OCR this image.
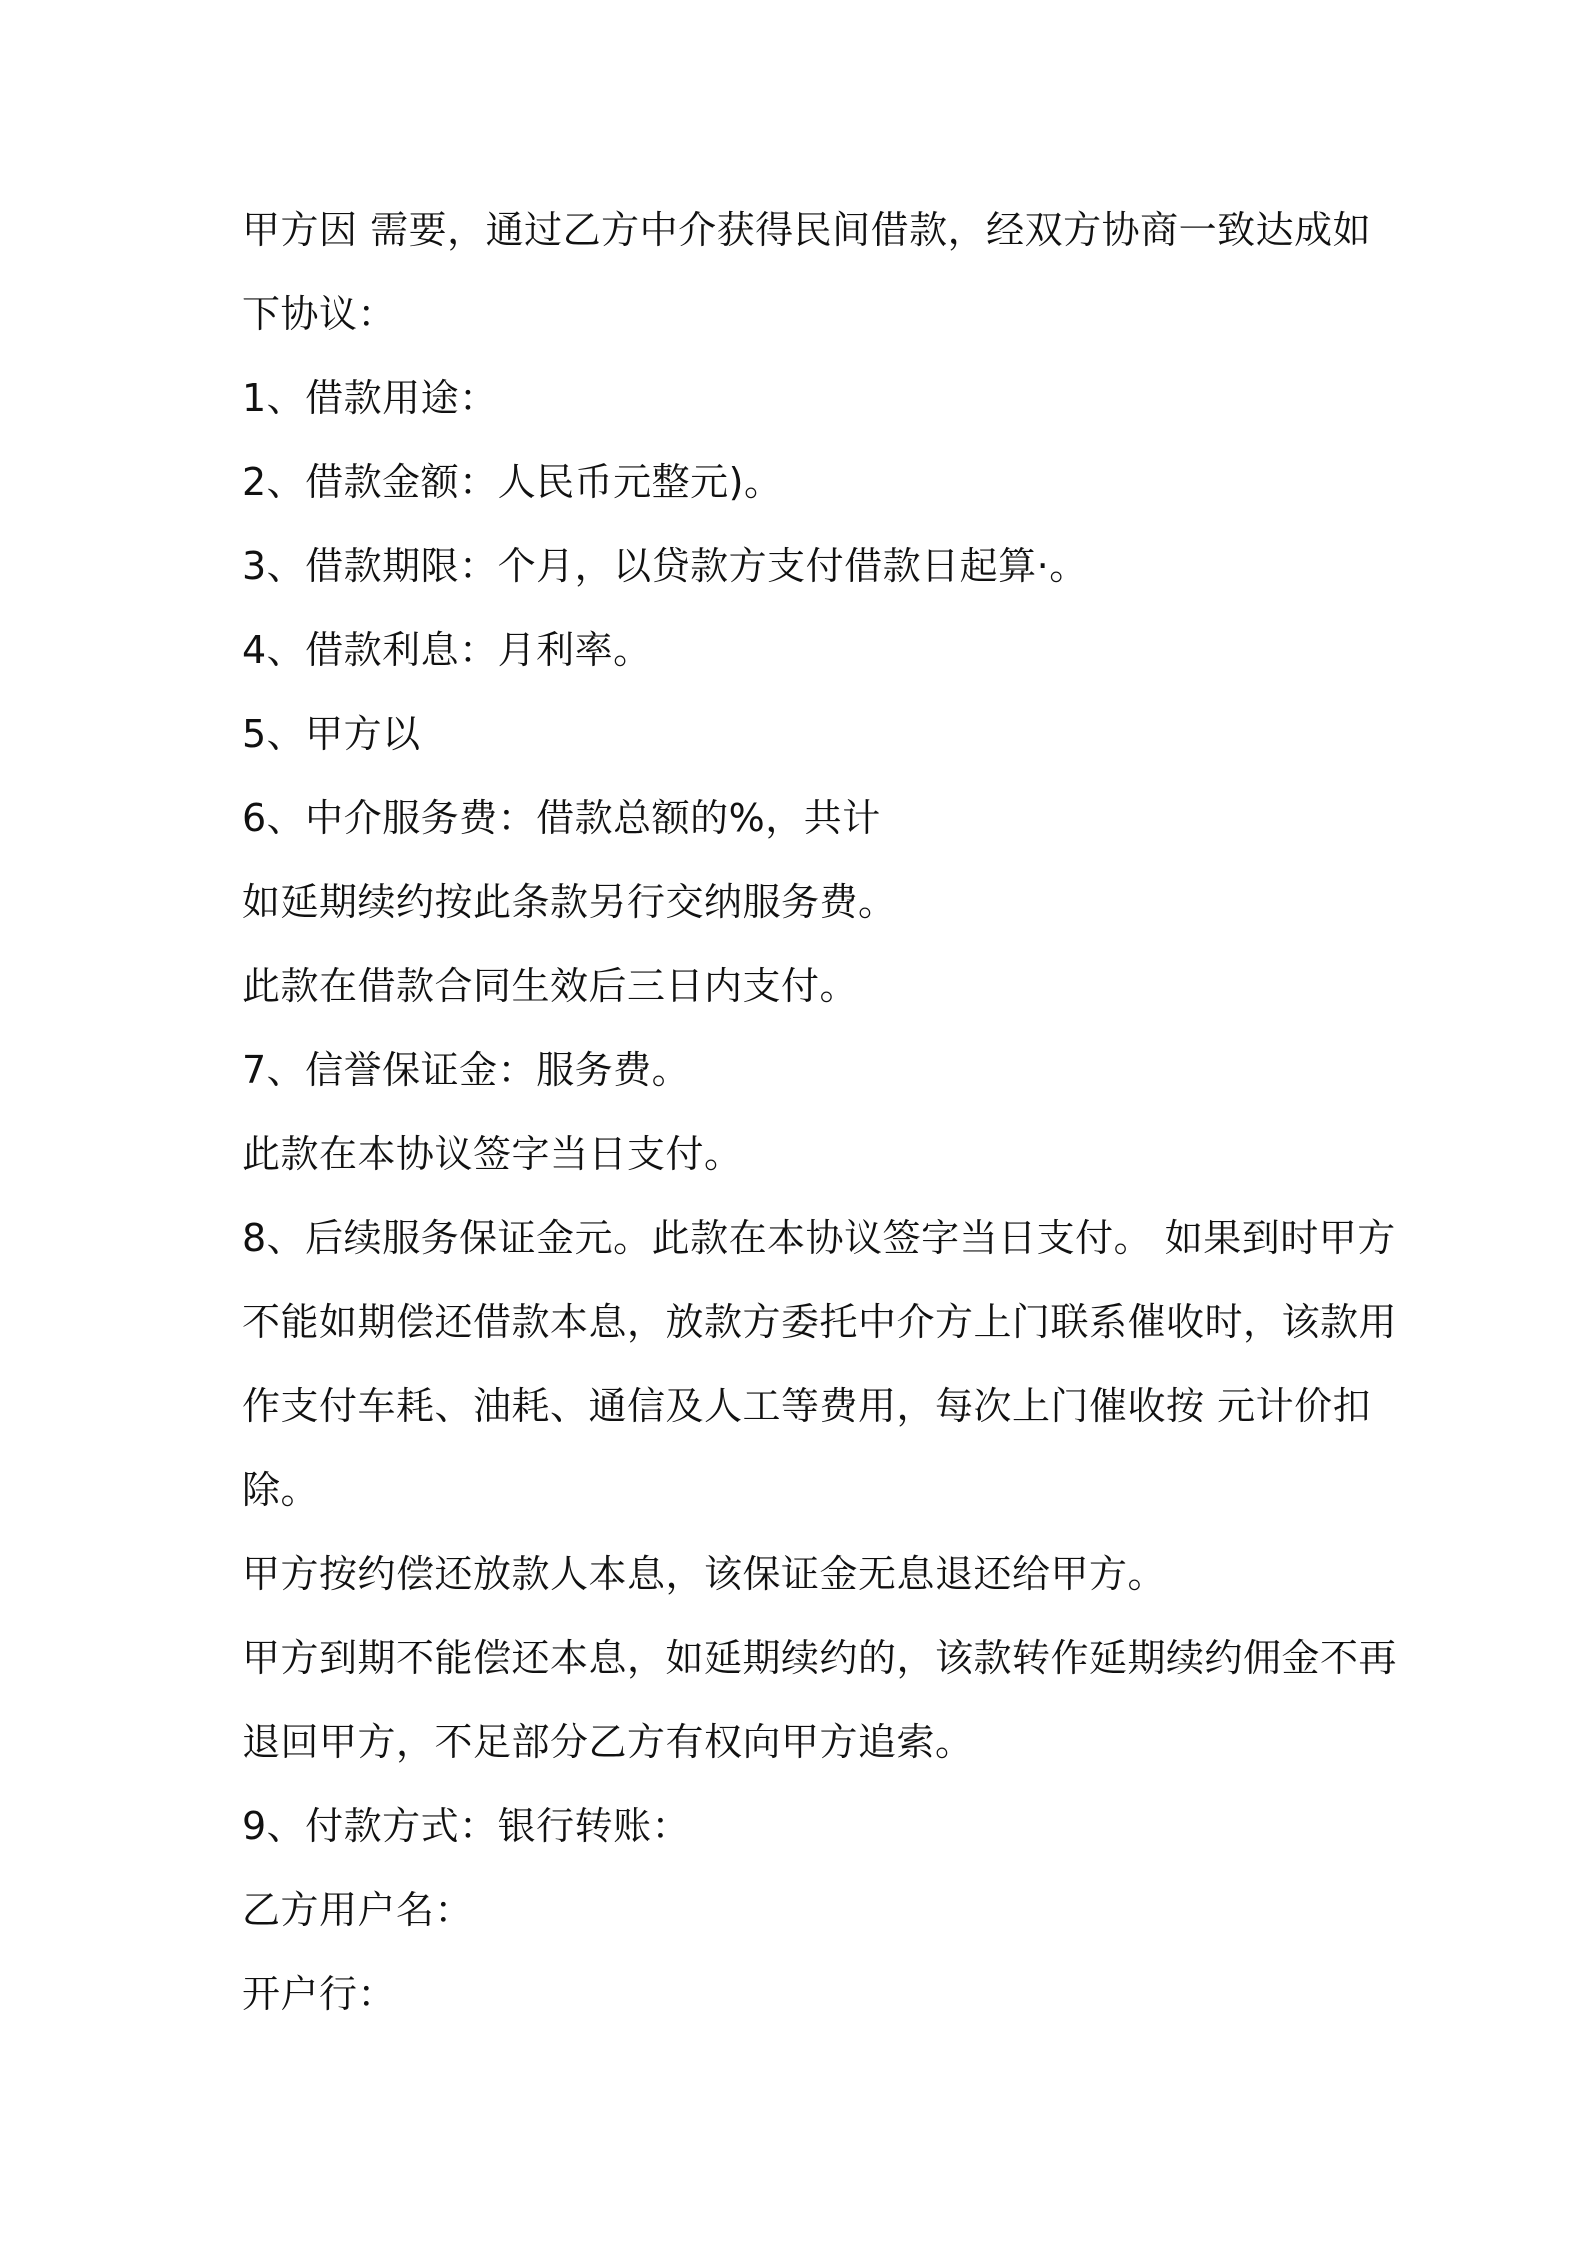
甲方因 需要，通过乙方中介获得民间借款，经双方协商一致达成如
下协议：
1、借款用途：
2、借款金额：人民币元整元)。
3、借款期限：个月，以贷款方支付借款日起算·。
4、借款利息：月利率。
5、甲方以
6、中介服务费：借款总额的%，共计
如延期续约按此条款另行交纳服务费。
此款在借款合同生效后三日内支付。
7、信誉保证金：服务费。
此款在本协议签字当日支付。
8、后续服务保证金元。此款在本协议签字当日支付。 如果到时甲方
不能如期偿还借款本息，放款方委托中介方上门联系催收时，该款用
作支付车耗、油耗、通信及人工等费用，每次上门催收按 元计价扣
除。
甲方按约偿还放款人本息，该保证金无息退还给甲方。
甲方到期不能偿还本息，如延期续约的，该款转作延期续约佣金不再
退回甲方，不足部分乙方有权向甲方追索。
9、付款方式：银行转账：
乙方用户名：
开户行：
